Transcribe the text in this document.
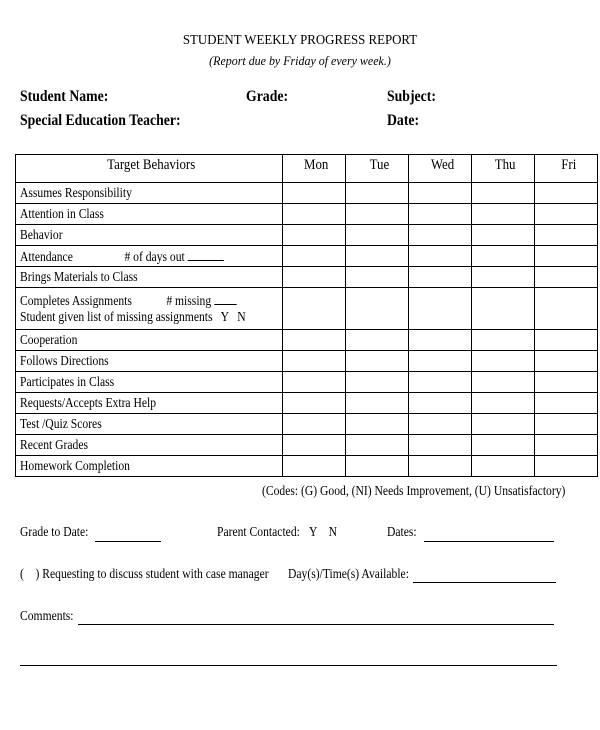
STUDENT WEEKLY PROGRESS REPORT
(Report due by Friday of every week.)
Student Name:	Grade:	Subject:
Special Education Teacher:	Date:
Target Behaviors	Mon	Tue	Wed	Thu	Fri
Assumes Responsibility					
Attention in Class					
Behavior					
Attendance # of days out					
Brings Materials to Class					
Completes Assignments # missing
Student given list of missing assignments Y   N					
Cooperation					
Follows Directions					
Participates in Class					
Requests/Accepts Extra Help					
Test /Quiz Scores					
Recent Grades					
Homework Completion					
(Codes: (G) Good, (NI) Needs Improvement, (U) Unsatisfactory)
Grade to Date:	Parent Contacted: Y    N	Dates:
(    ) Requesting to discuss student with case manager Day(s)/Time(s) Available:
Comments:
